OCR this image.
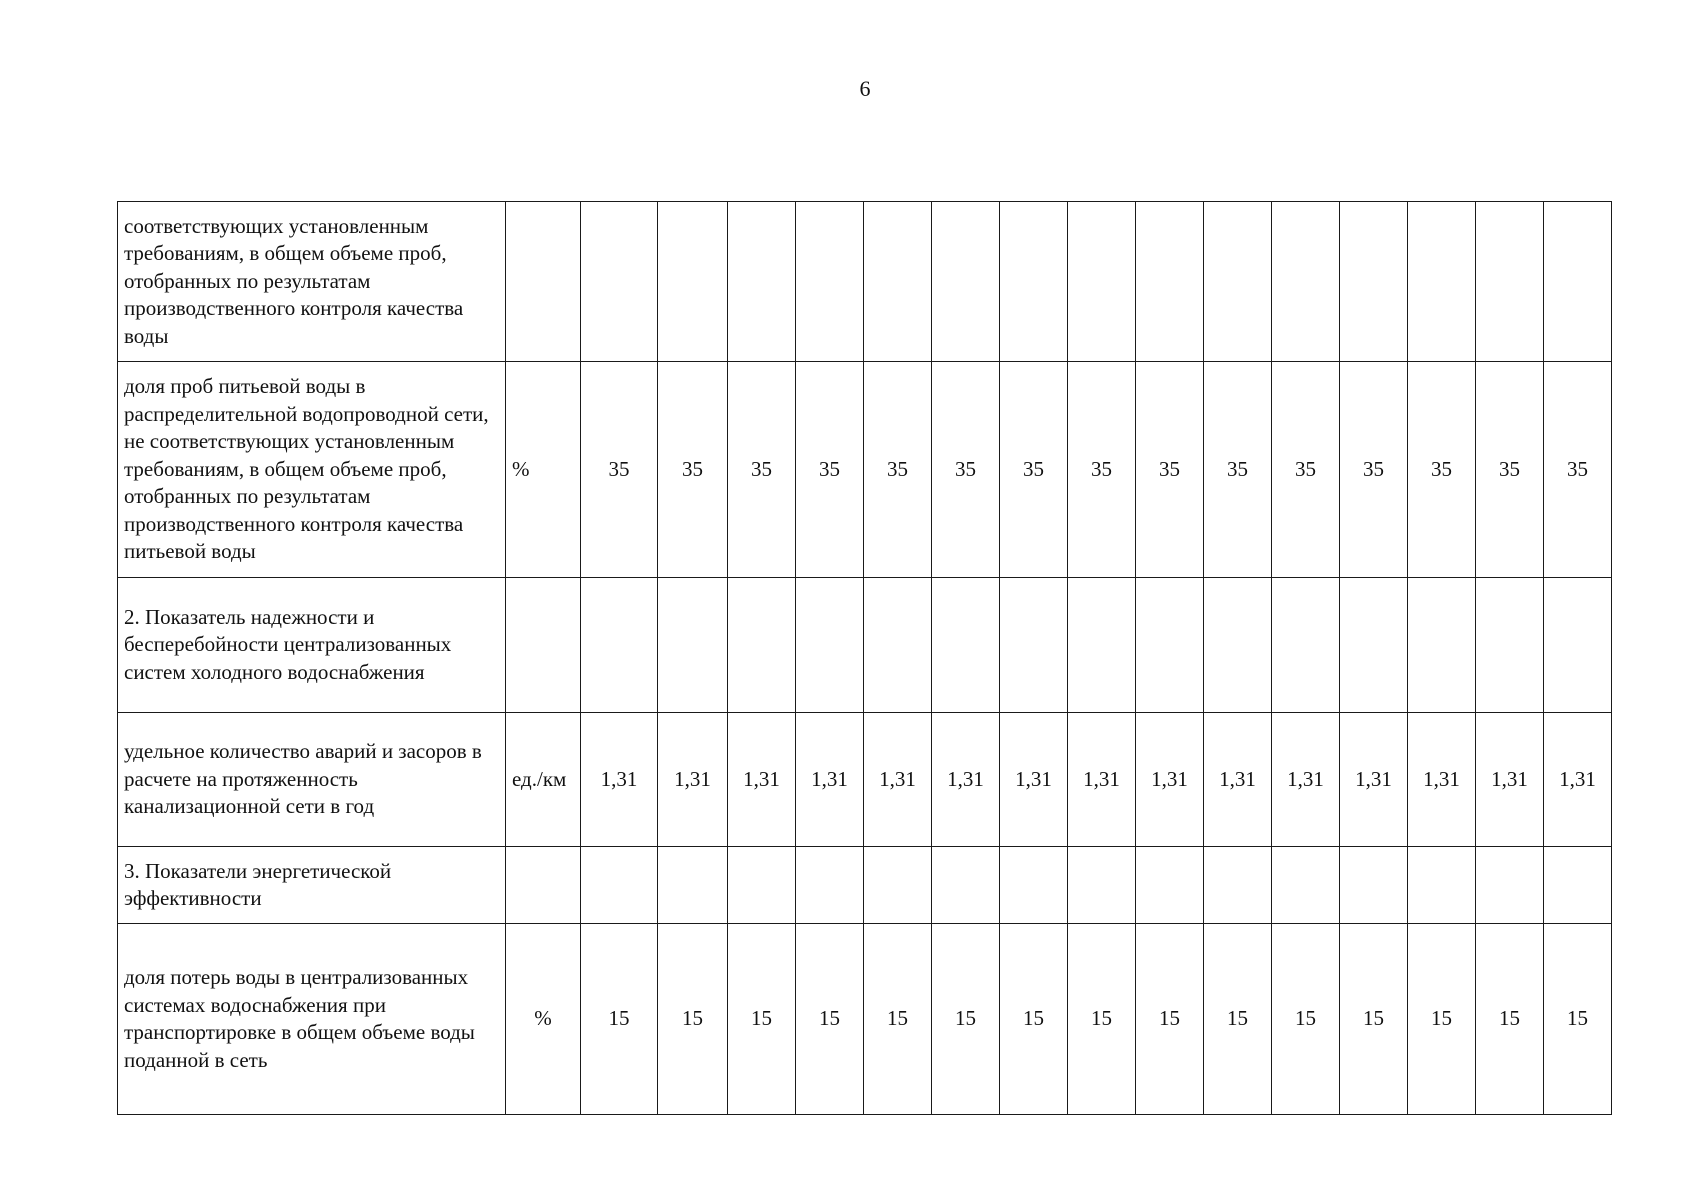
6
соответствующих установленным требованиям, в общем объеме проб, отобранных по результатам производственного контроля качества воды																
доля проб питьевой воды в распределительной водопроводной сети, не соответствующих установленным требованиям, в общем объеме проб, отобранных по результатам производственного контроля качества питьевой воды	%	35	35	35	35	35	35	35	35	35	35	35	35	35	35	35
2. Показатель надежности и бесперебойности централизованных систем холодного водоснабжения																
удельное количество аварий и засоров в расчете на протяженность канализационной сети в год	ед./км	1,31	1,31	1,31	1,31	1,31	1,31	1,31	1,31	1,31	1,31	1,31	1,31	1,31	1,31	1,31
3. Показатели энергетической эффективности																
доля потерь воды в централизованных системах водоснабжения при транспортировке в общем объеме воды поданной в сеть	%	15	15	15	15	15	15	15	15	15	15	15	15	15	15	15
